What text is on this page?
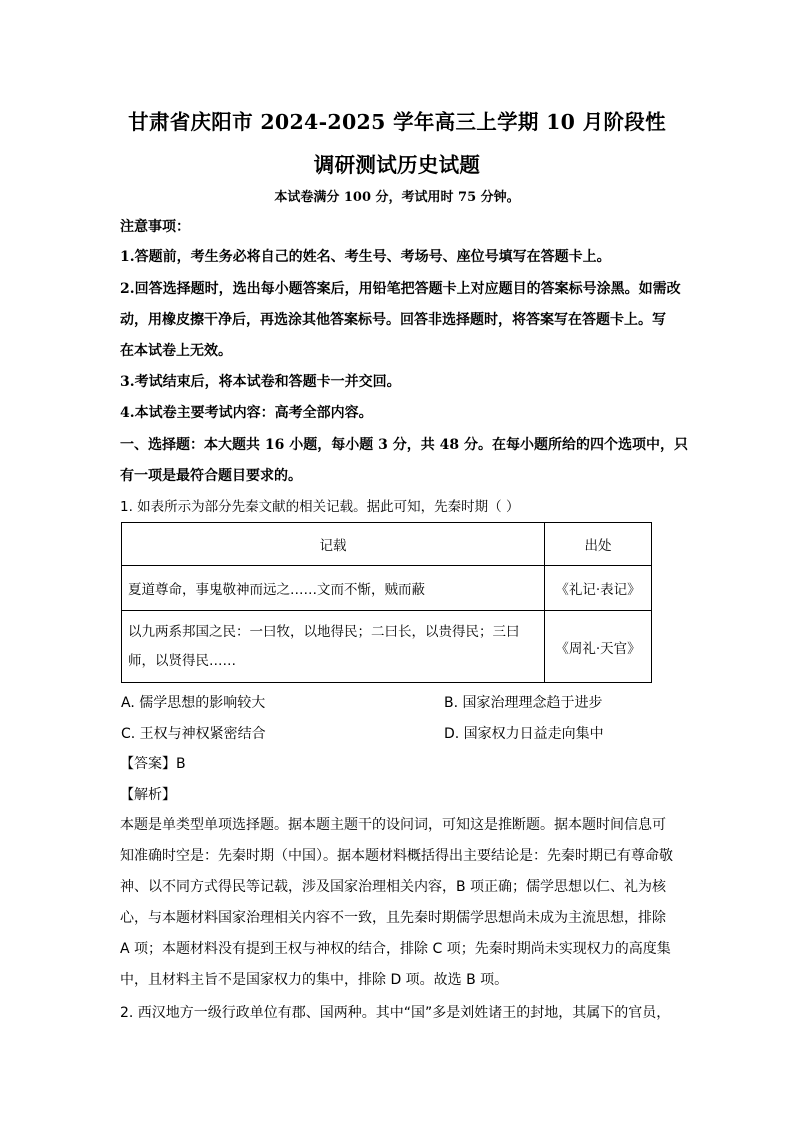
甘肃省庆阳市 2024-2025 学年高三上学期 10 月阶段性
调研测试历史试题
本试卷满分 100 分，考试用时 75 分钟。
注意事项：
1.答题前，考生务必将自己的姓名、考生号、考场号、座位号填写在答题卡上。
2.回答选择题时，选出每小题答案后，用铅笔把答题卡上对应题目的答案标号涂黑。如需改
动，用橡皮擦干净后，再选涂其他答案标号。回答非选择题时，将答案写在答题卡上。写
在本试卷上无效。
3.考试结束后，将本试卷和答题卡一并交回。
4.本试卷主要考试内容：高考全部内容。
一、选择题：本大题共 16 小题，每小题 3 分，共 48 分。在每小题所给的四个选项中，只
有一项是最符合题目要求的。
1. 如表所示为部分先秦文献的相关记载。据此可知，先秦时期（ ）
记载	出处
夏道尊命，事鬼敬神而远之……文而不惭，贼而蔽	《礼记·表记》
以九两系邦国之民：一曰牧，以地得民；二曰长，以贵得民；三曰
师，以贤得民……	《周礼·天官》
A. 儒学思想的影响较大	B. 国家治理理念趋于进步
C. 王权与神权紧密结合	D. 国家权力日益走向集中
【答案】B
【解析】
本题是单类型单项选择题。据本题主题干的设问词，可知这是推断题。据本题时间信息可
知准确时空是：先秦时期（中国）。据本题材料概括得出主要结论是：先秦时期已有尊命敬
神、以不同方式得民等记载，涉及国家治理相关内容，B 项正确；儒学思想以仁、礼为核
心，与本题材料国家治理相关内容不一致，且先秦时期儒学思想尚未成为主流思想，排除
A 项；本题材料没有提到王权与神权的结合，排除 C 项；先秦时期尚未实现权力的高度集
中，且材料主旨不是国家权力的集中，排除 D 项。故选 B 项。
2. 西汉地方一级行政单位有郡、国两种。其中“国”多是刘姓诸王的封地，其属下的官员，
